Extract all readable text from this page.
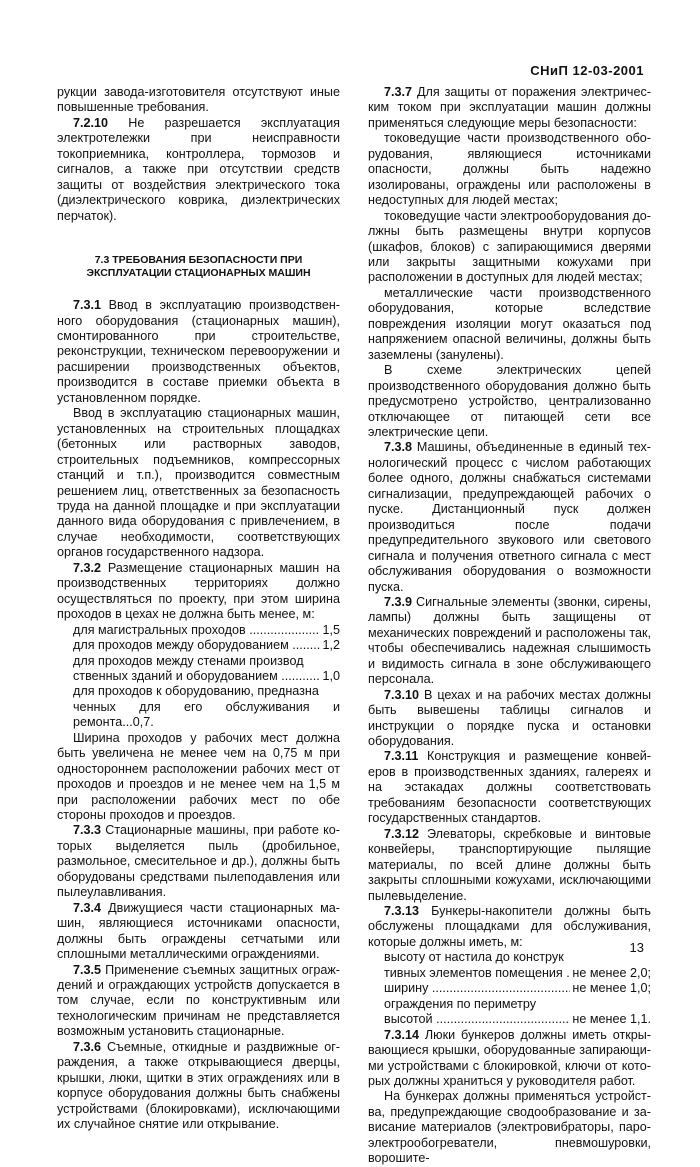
СНиП 12-03-2001

рукции завода-изготовителя отсутствуют иные повышенные требования.

7.2.10 Не разрешается эксплуатация электротележки при неисправности токоприемника, контроллера, тормозов и сигналов, а также при отсутствии средств защиты от воздействия электрического тока (диэлектрического коврика, диэлектрических перчаток).

7.3 ТРЕБОВАНИЯ БЕЗОПАСНОСТИ ПРИ ЭКСПЛУАТАЦИИ СТАЦИОНАРНЫХ МАШИН

7.3.1 Ввод в эксплуатацию производственного оборудования (стационарных машин), смонтированного при строительстве, реконструкции, техническом перевооружении и расширении производственных объектов, производится в составе приемки объекта в установленном порядке.

Ввод в эксплуатацию стационарных машин, установленных на строительных площадках (бетонных или растворных заводов, строительных подъемников, компрессорных станций и т.п.), производится совместным решением лиц, ответственных за безопасность труда на данной площадке и при эксплуатации данного вида оборудования с привлечением, в случае необходимости, соответствующих органов государственного надзора.

7.3.2 Размещение стационарных машин на производственных территориях должно осуществляться по проекту, при этом ширина проходов в цехах не должна быть менее, м:

для магистральных проходов .....	1,5
для проходов между оборудованием .....	1,2
для проходов между стенами производ
ственных зданий и оборудованием .....	1,0
для проходов к оборудованию, предназна
ченных для его обслуживания и ремонта...0,7.

Ширина проходов у рабочих мест должна быть увеличена не менее чем на 0,75 м при одностороннем расположении рабочих мест от проходов и проездов и не менее чем на 1,5 м при расположении рабочих мест по обе стороны проходов и проездов.

7.3.3 Стационарные машины, при работе которых выделяется пыль (дробильное, размольное, смесительное и др.), должны быть оборудованы средствами пылеподавления или пылеулавливания.

7.3.4 Движущиеся части стационарных машин, являющиеся источниками опасности, должны быть ограждены сетчатыми или сплошными металлическими ограждениями.

7.3.5 Применение съемных защитных ограждений и ограждающих устройств допускается в том случае, если по конструктивным или технологическим причинам не представляется возможным установить стационарные.

7.3.6 Съемные, откидные и раздвижные ограждения, а также открывающиеся дверцы, крышки, люки, щитки в этих ограждениях или в корпусе оборудования должны быть снабжены устройствами (блокировками), исключающими их случайное снятие или открывание.

7.3.7 Для защиты от поражения электрическим током при эксплуатации машин должны применяться следующие меры безопасности:

токоведущие части производственного оборудования, являющиеся источниками опасности, должны быть надежно изолированы, ограждены или расположены в недоступных для людей местах;

токоведущие части электрооборудования должны быть размещены внутри корпусов (шкафов, блоков) с запирающимися дверями или закрыты защитными кожухами при расположении в доступных для людей местах;

металлические части производственного оборудования, которые вследствие повреждения изоляции могут оказаться под напряжением опасной величины, должны быть заземлены (занулены).

В схеме электрических цепей производственного оборудования должно быть предусмотрено устройство, централизованно отключающее от питающей сети все электрические цепи.

7.3.8 Машины, объединенные в единый технологический процесс с числом работающих более одного, должны снабжаться системами сигнализации, предупреждающей рабочих о пуске. Дистанционный пуск должен производиться после подачи предупредительного звукового или светового сигнала и получения ответного сигнала с мест обслуживания оборудования о возможности пуска.

7.3.9 Сигнальные элементы (звонки, сирены, лампы) должны быть защищены от механических повреждений и расположены так, чтобы обеспечивались надежная слышимость и видимость сигнала в зоне обслуживающего персонала.

7.3.10 В цехах и на рабочих местах должны быть вывешены таблицы сигналов и инструкции о порядке пуска и остановки оборудования.

7.3.11 Конструкция и размещение конвейеров в производственных зданиях, галереях и на эстакадах должны соответствовать требованиям безопасности соответствующих государственных стандартов.

7.3.12 Элеваторы, скребковые и винтовые конвейеры, транспортирующие пылящие материалы, по всей длине должны быть закрыты сплошными кожухами, исключающими пылевыделение.

7.3.13 Бункеры-накопители должны быть обслужены площадками для обслуживания, которые должны иметь, м:

высоту от настила до конструк
тивных элементов помещения ..... не менее 2,0;
ширину .....	не менее 1,0;
ограждения по периметру
высотой .....	не менее 1,1.

7.3.14 Люки бункеров должны иметь открывающиеся крышки, оборудованные запирающими устройствами с блокировкой, ключи от которых должны храниться у руководителя работ.

На бункерах должны применяться устройства, предупреждающие сводообразование и зависание материалов (электровибраторы, пароэлектрообогреватели, пневмошуровки, ворошите-

13
